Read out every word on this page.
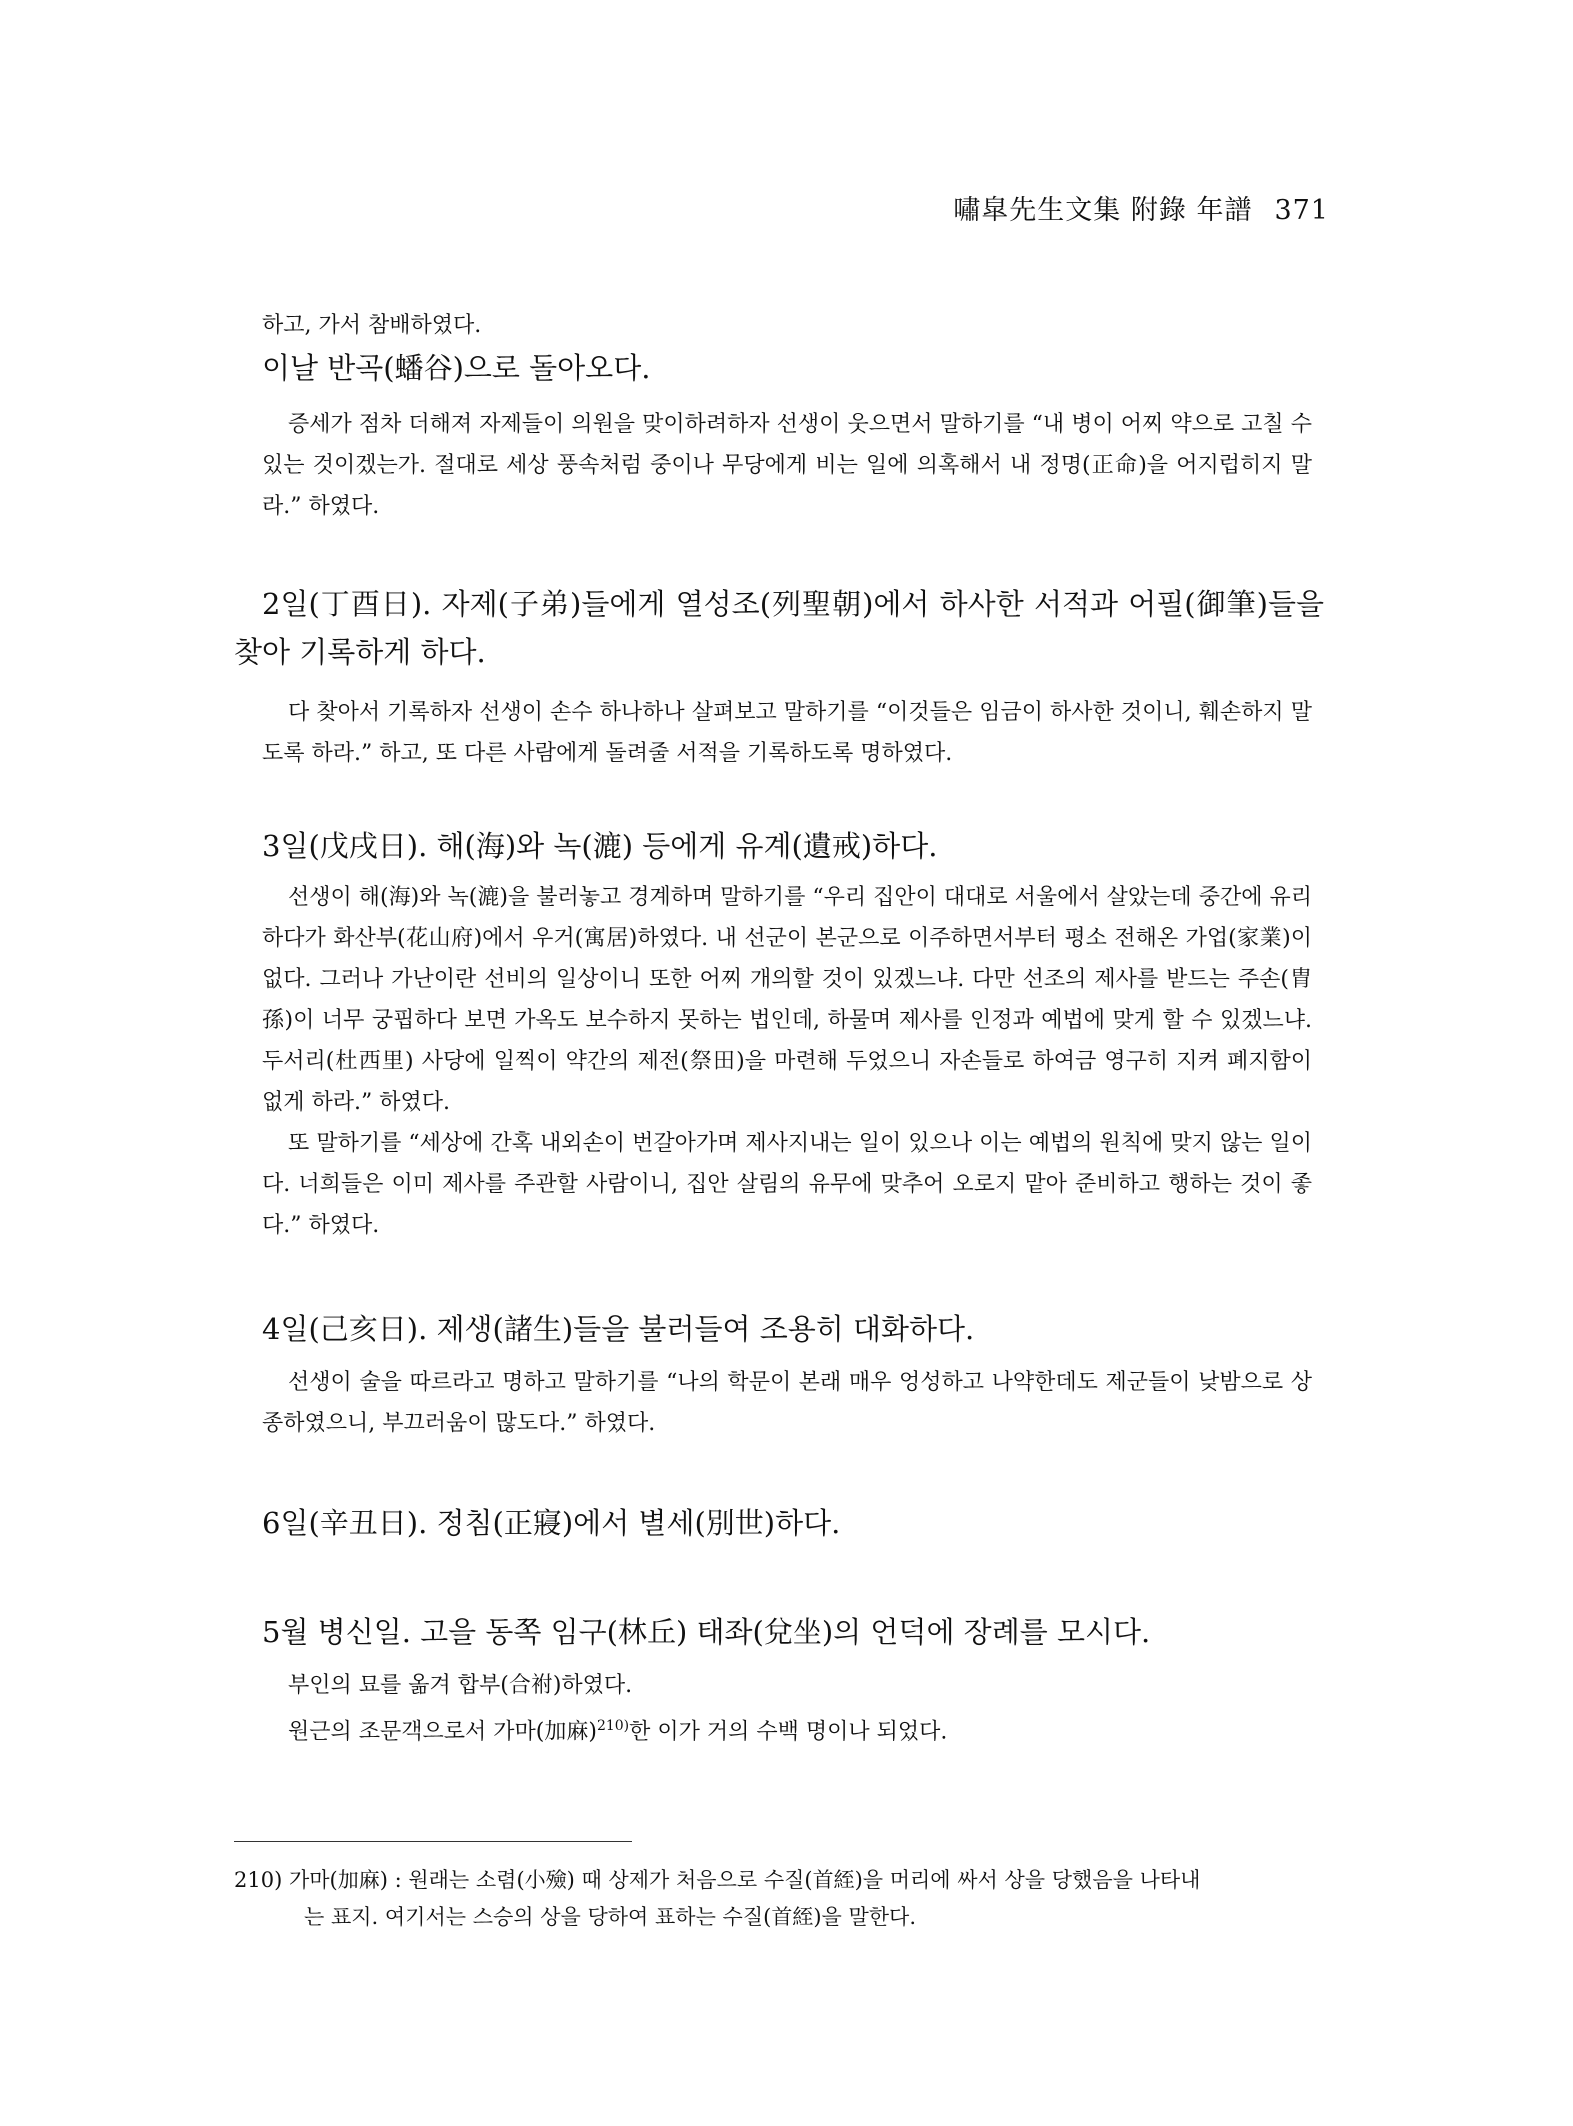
嘯皐先生文集 附錄 年譜 371

하고, 가서 참배하였다.

이날 반곡(蟠谷)으로 돌아오다.

증세가 점차 더해져 자제들이 의원을 맞이하려하자 선생이 웃으면서 말하기를 “내 병이 어찌 약으로 고칠 수 있는 것이겠는가. 절대로 세상 풍속처럼 중이나 무당에게 비는 일에 의혹해서 내 정명(正命)을 어지럽히지 말라.” 하였다.

2일(丁酉日). 자제(子弟)들에게 열성조(列聖朝)에서 하사한 서적과 어필(御筆)들을 찾아 기록하게 하다.

다 찾아서 기록하자 선생이 손수 하나하나 살펴보고 말하기를 “이것들은 임금이 하사한 것이니, 훼손하지 말도록 하라.” 하고, 또 다른 사람에게 돌려줄 서적을 기록하도록 명하였다.

3일(戊戌日). 해(海)와 녹(漉) 등에게 유계(遺戒)하다.

선생이 해(海)와 녹(漉)을 불러놓고 경계하며 말하기를 “우리 집안이 대대로 서울에서 살았는데 중간에 유리하다가 화산부(花山府)에서 우거(寓居)하였다. 내 선군이 본군으로 이주하면서부터 평소 전해온 가업(家業)이 없다. 그러나 가난이란 선비의 일상이니 또한 어찌 개의할 것이 있겠느냐. 다만 선조의 제사를 받드는 주손(胄孫)이 너무 궁핍하다 보면 가옥도 보수하지 못하는 법인데, 하물며 제사를 인정과 예법에 맞게 할 수 있겠느냐. 두서리(杜西里) 사당에 일찍이 약간의 제전(祭田)을 마련해 두었으니 자손들로 하여금 영구히 지켜 폐지함이 없게 하라.” 하였다.

또 말하기를 “세상에 간혹 내외손이 번갈아가며 제사지내는 일이 있으나 이는 예법의 원칙에 맞지 않는 일이다. 너희들은 이미 제사를 주관할 사람이니, 집안 살림의 유무에 맞추어 오로지 맡아 준비하고 행하는 것이 좋다.” 하였다.

4일(己亥日). 제생(諸生)들을 불러들여 조용히 대화하다.

선생이 술을 따르라고 명하고 말하기를 “나의 학문이 본래 매우 엉성하고 나약한데도 제군들이 낮밤으로 상종하였으니, 부끄러움이 많도다.” 하였다.

6일(辛丑日). 정침(正寢)에서 별세(別世)하다.
5월 병신일. 고을 동쪽 임구(林丘) 태좌(兌坐)의 언덕에 장례를 모시다.

부인의 묘를 옮겨 합부(合祔)하였다.

원근의 조문객으로서 가마(加麻)$^{210)}$한 이가 거의 수백 명이나 되었다.

210) 가마(加麻) : 원래는 소렴(小殮) 때 상제가 처음으로 수질(首絰)을 머리에 싸서 상을 당했음을 나타내
는 표지. 여기서는 스승의 상을 당하여 표하는 수질(首絰)을 말한다.
